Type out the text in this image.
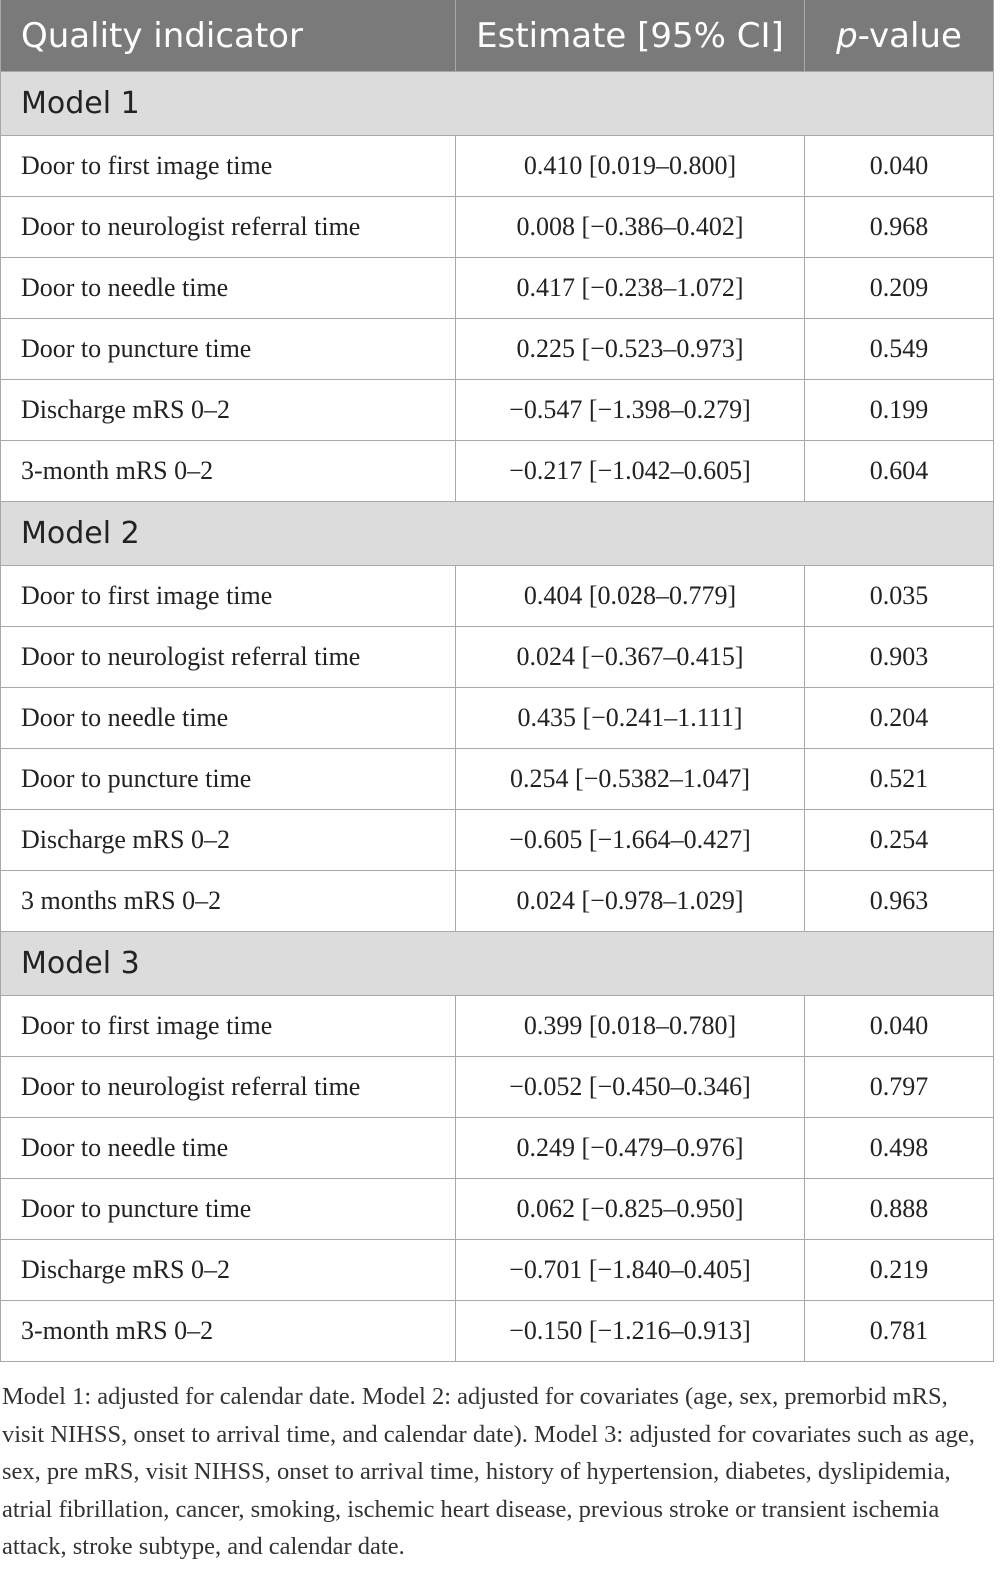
Quality indicator	Estimate [95% CI]	p-value
Model 1		
Door to first image time	0.410 [0.019–0.800]	0.040
Door to neurologist referral time	0.008 [−0.386–0.402]	0.968
Door to needle time	0.417 [−0.238–1.072]	0.209
Door to puncture time	0.225 [−0.523–0.973]	0.549
Discharge mRS 0–2	−0.547 [−1.398–0.279]	0.199
3-month mRS 0–2	−0.217 [−1.042–0.605]	0.604
Model 2		
Door to first image time	0.404 [0.028–0.779]	0.035
Door to neurologist referral time	0.024 [−0.367–0.415]	0.903
Door to needle time	0.435 [−0.241–1.111]	0.204
Door to puncture time	0.254 [−0.5382–1.047]	0.521
Discharge mRS 0–2	−0.605 [−1.664–0.427]	0.254
3 months mRS 0–2	0.024 [−0.978–1.029]	0.963
Model 3		
Door to first image time	0.399 [0.018–0.780]	0.040
Door to neurologist referral time	−0.052 [−0.450–0.346]	0.797
Door to needle time	0.249 [−0.479–0.976]	0.498
Door to puncture time	0.062 [−0.825–0.950]	0.888
Discharge mRS 0–2	−0.701 [−1.840–0.405]	0.219
3-month mRS 0–2	−0.150 [−1.216–0.913]	0.781

Model 1: adjusted for calendar date. Model 2: adjusted for covariates (age, sex, premorbid mRS, visit NIHSS, onset to arrival time, and calendar date). Model 3: adjusted for covariates such as age, sex, pre mRS, visit NIHSS, onset to arrival time, history of hypertension, diabetes, dyslipidemia, atrial fibrillation, cancer, smoking, ischemic heart disease, previous stroke or transient ischemia attack, stroke subtype, and calendar date.
